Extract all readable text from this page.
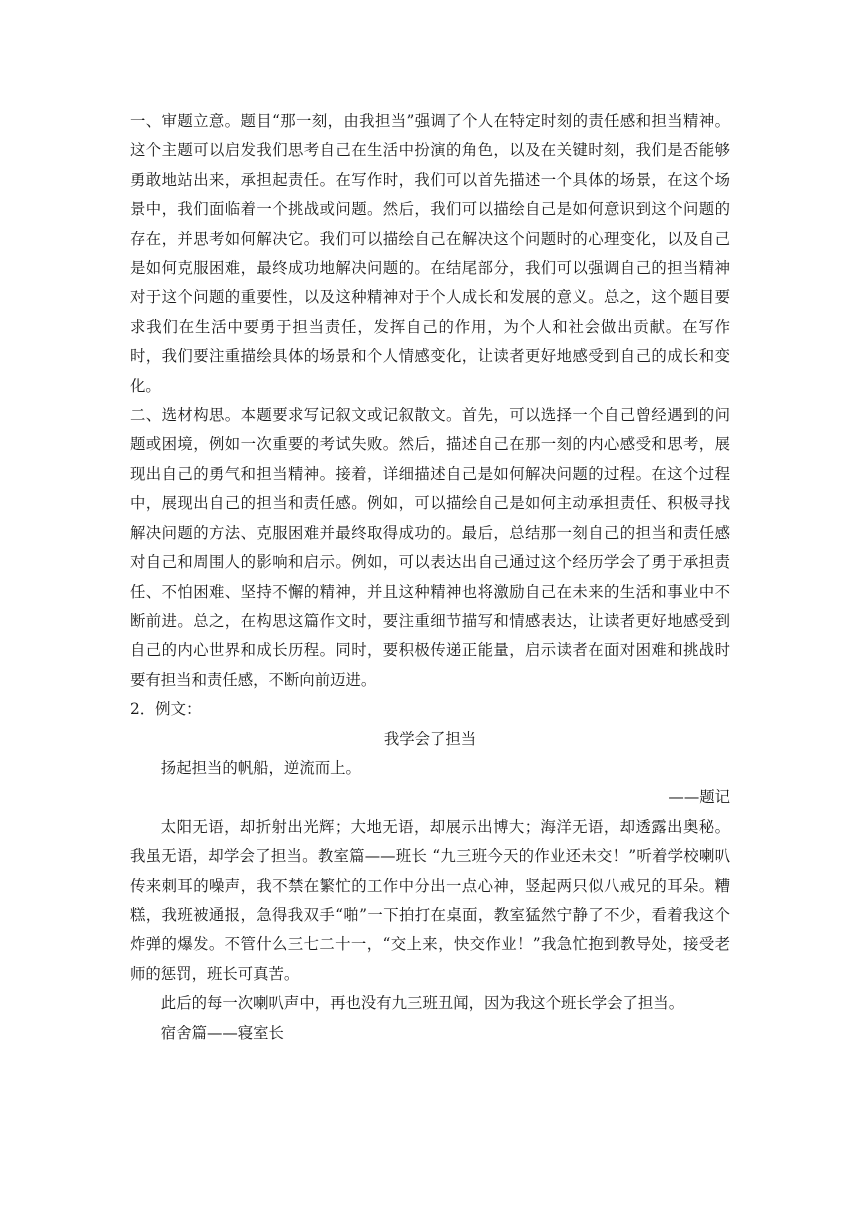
一、审题立意。题目“那一刻，由我担当”强调了个人在特定时刻的责任感和担当精神。这个主题可以启发我们思考自己在生活中扮演的角色，以及在关键时刻，我们是否能够勇敢地站出来，承担起责任。在写作时，我们可以首先描述一个具体的场景，在这个场景中，我们面临着一个挑战或问题。然后，我们可以描绘自己是如何意识到这个问题的存在，并思考如何解决它。我们可以描绘自己在解决这个问题时的心理变化，以及自己是如何克服困难，最终成功地解决问题的。在结尾部分，我们可以强调自己的担当精神对于这个问题的重要性，以及这种精神对于个人成长和发展的意义。总之，这个题目要求我们在生活中要勇于担当责任，发挥自己的作用，为个人和社会做出贡献。在写作时，我们要注重描绘具体的场景和个人情感变化，让读者更好地感受到自己的成长和变化。

二、选材构思。本题要求写记叙文或记叙散文。首先，可以选择一个自己曾经遇到的问题或困境，例如一次重要的考试失败。然后，描述自己在那一刻的内心感受和思考，展现出自己的勇气和担当精神。接着，详细描述自己是如何解决问题的过程。在这个过程中，展现出自己的担当和责任感。例如，可以描绘自己是如何主动承担责任、积极寻找解决问题的方法、克服困难并最终取得成功的。最后，总结那一刻自己的担当和责任感对自己和周围人的影响和启示。例如，可以表达出自己通过这个经历学会了勇于承担责任、不怕困难、坚持不懈的精神，并且这种精神也将激励自己在未来的生活和事业中不断前进。总之，在构思这篇作文时，要注重细节描写和情感表达，让读者更好地感受到自己的内心世界和成长历程。同时，要积极传递正能量，启示读者在面对困难和挑战时要有担当和责任感，不断向前迈进。

2．例文：

我学会了担当

扬起担当的帆船，逆流而上。

——题记

太阳无语，却折射出光辉；大地无语，却展示出博大；海洋无语，却透露出奥秘。我虽无语，却学会了担当。教室篇——班长 “九三班今天的作业还未交！”听着学校喇叭传来刺耳的噪声，我不禁在繁忙的工作中分出一点心神，竖起两只似八戒兄的耳朵。糟糕，我班被通报，急得我双手“啪”一下拍打在桌面，教室猛然宁静了不少，看着我这个炸弹的爆发。不管什么三七二十一，“交上来，快交作业！”我急忙抱到教导处，接受老师的惩罚，班长可真苦。

此后的每一次喇叭声中，再也没有九三班丑闻，因为我这个班长学会了担当。

宿舍篇——寝室长
